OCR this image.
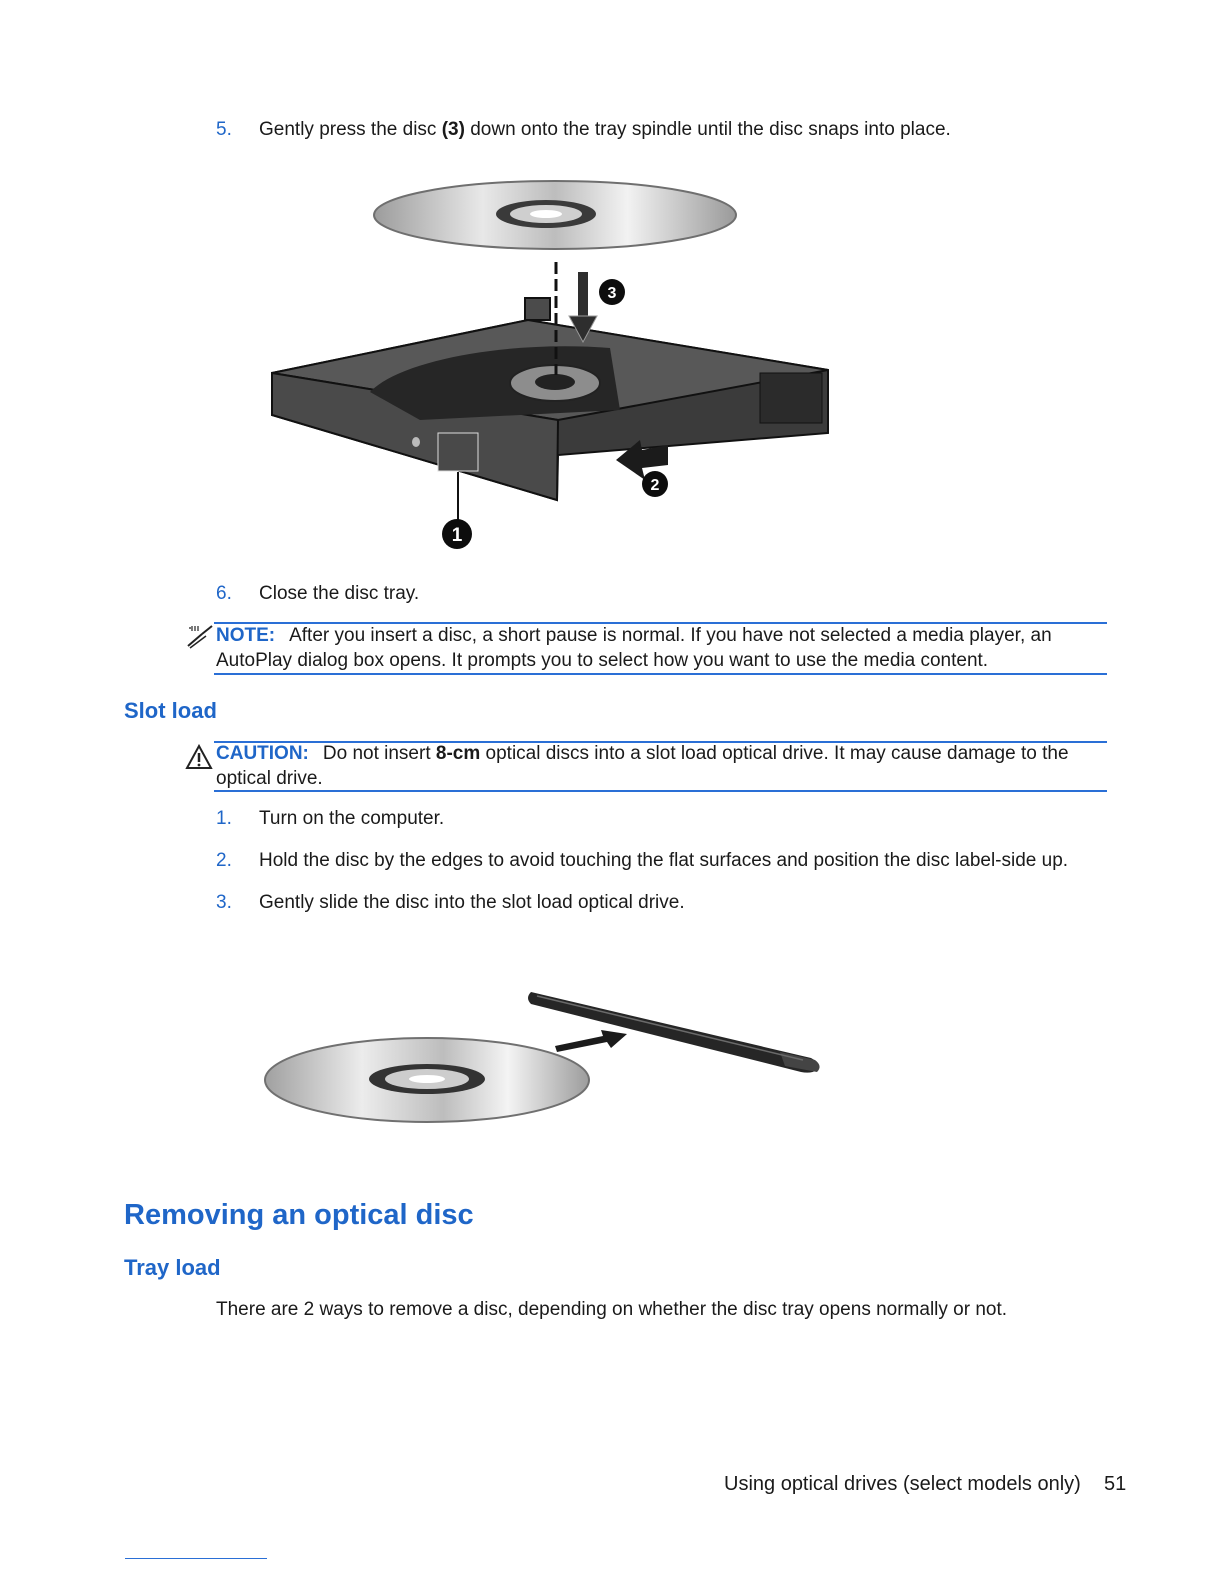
5. Gently press the disc (3) down onto the tray spindle until the disc snaps into place.
1
2
3
6. Close the disc tray.
NOTE: After you insert a disc, a short pause is normal. If you have not selected a media player, an AutoPlay dialog box opens. It prompts you to select how you want to use the media content.
Slot load
CAUTION: Do not insert 8-cm optical discs into a slot load optical drive. It may cause damage to the optical drive.
1. Turn on the computer.
2. Hold the disc by the edges to avoid touching the flat surfaces and position the disc label-side up.
3. Gently slide the disc into the slot load optical drive.
Removing an optical disc
Tray load
There are 2 ways to remove a disc, depending on whether the disc tray opens normally or not.
Using optical drives (select models only) 51
